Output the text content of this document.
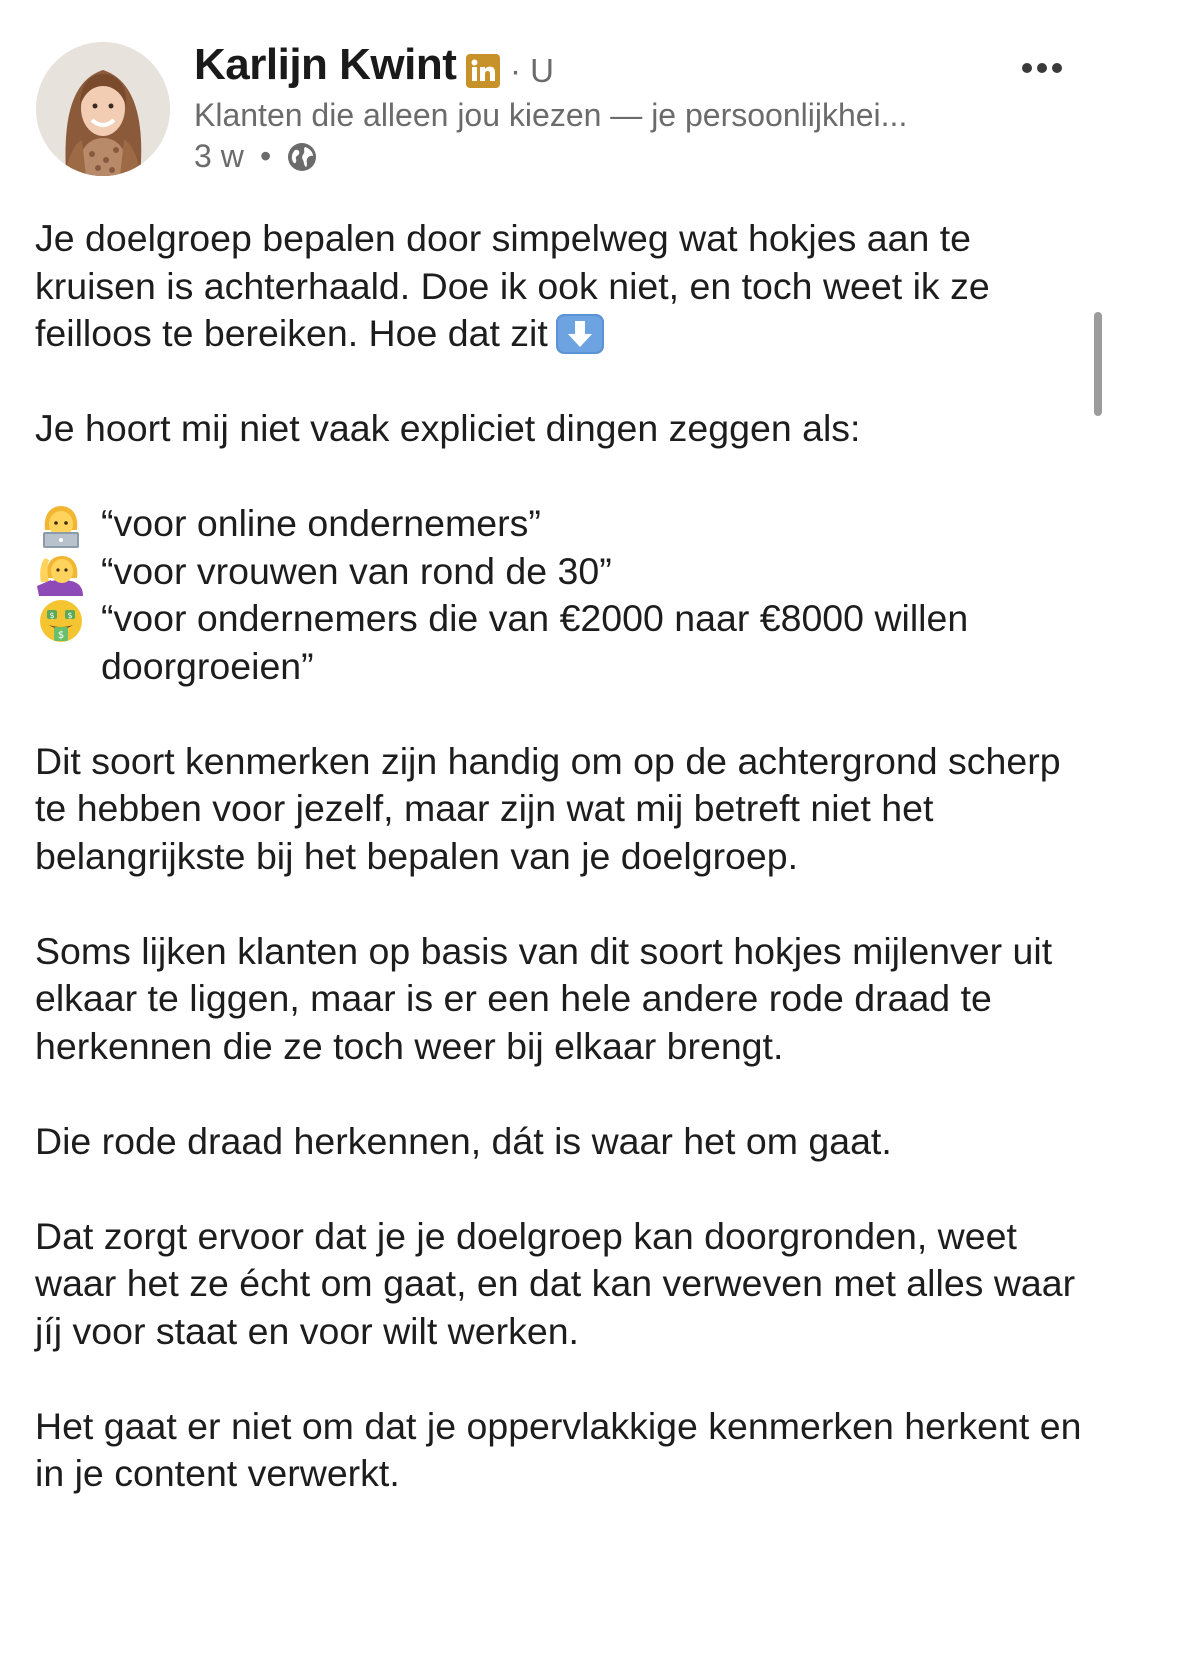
Karlijn Kwint · U
Klanten die alleen jou kiezen — je persoonlijkhei...
3 w •

Je doelgroep bepalen door simpelweg wat hokjes aan te kruisen is achterhaald. Doe ik ook niet, en toch weet ik ze feilloos te bereiken. Hoe dat zit

Je hoort mij niet vaak expliciet dingen zeggen als:

“voor online ondernemers”
“voor vrouwen van rond de 30”
$ $
$ “voor ondernemers die van €2000 naar €8000 willen doorgroeien”

Dit soort kenmerken zijn handig om op de achtergrond scherp te hebben voor jezelf, maar zijn wat mij betreft niet het belangrijkste bij het bepalen van je doelgroep.

Soms lijken klanten op basis van dit soort hokjes mijlenver uit elkaar te liggen, maar is er een hele andere rode draad te herkennen die ze toch weer bij elkaar brengt.

Die rode draad herkennen, dát is waar het om gaat.

Dat zorgt ervoor dat je je doelgroep kan doorgronden, weet waar het ze écht om gaat, en dat kan verweven met alles waar jíj voor staat en voor wilt werken.

Het gaat er niet om dat je oppervlakkige kenmerken herkent en in je content verwerkt.
